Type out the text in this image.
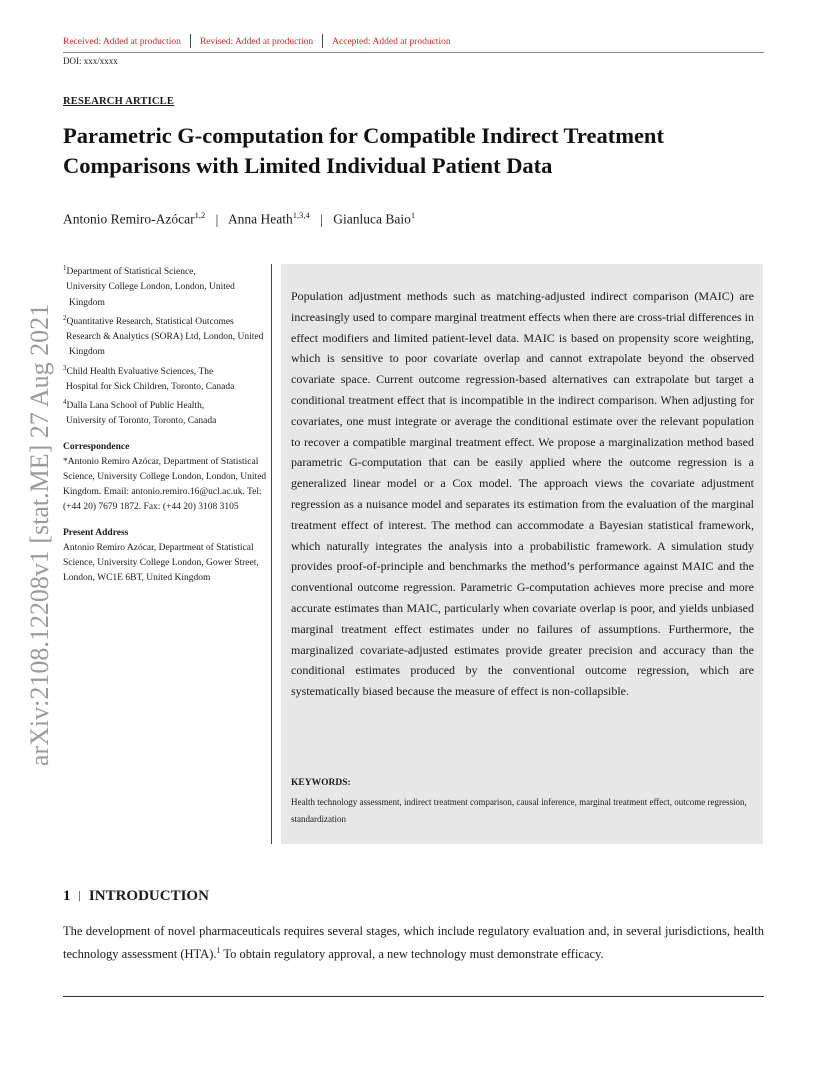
Received: Added at production Revised: Added at production Accepted: Added at production
DOI: xxx/xxxx
RESEARCH ARTICLE
Parametric G-computation for Compatible Indirect Treatment Comparisons with Limited Individual Patient Data
Antonio Remiro-Azócar$^{1,2}$ | Anna Heath$^{1,3,4}$ | Gianluca Baio$^1$
arXiv:2108.12208v1 [stat.ME] 27 Aug 2021
$^1$Department of Statistical Science,
University College London, London, United Kingdom
$^2$Quantitative Research, Statistical Outcomes
Research & Analytics (SORA) Ltd, London, United Kingdom
$^3$Child Health Evaluative Sciences, The
Hospital for Sick Children, Toronto, Canada
$^4$Dalla Lana School of Public Health,
University of Toronto, Toronto, Canada
Correspondence
*Antonio Remiro Azócar, Department of Statistical Science, University College London, London, United Kingdom. Email: antonio.remiro.16@ucl.ac.uk. Tel: (+44 20) 7679 1872. Fax: (+44 20) 3108 3105
Present Address
Antonio Remiro Azócar, Department of Statistical Science, University College London, Gower Street, London, WC1E 6BT, United Kingdom
Population adjustment methods such as matching-adjusted indirect comparison (MAIC) are increasingly used to compare marginal treatment effects when there are cross-trial differences in effect modifiers and limited patient-level data. MAIC is based on propensity score weighting, which is sensitive to poor covariate overlap and cannot extrapolate beyond the observed covariate space. Current outcome regression-based alternatives can extrapolate but target a conditional treatment effect that is incompatible in the indirect comparison. When adjusting for covariates, one must integrate or average the conditional estimate over the relevant population to recover a compatible marginal treatment effect. We propose a marginalization method based parametric G-computation that can be easily applied where the outcome regression is a generalized linear model or a Cox model. The approach views the covariate adjustment regression as a nuisance model and separates its estimation from the evaluation of the marginal treatment effect of interest. The method can accommodate a Bayesian statistical framework, which naturally integrates the analysis into a probabilistic framework. A simulation study provides proof-of-principle and benchmarks the method’s performance against MAIC and the conventional outcome regression. Parametric G-computation achieves more precise and more accurate estimates than MAIC, particularly when covariate overlap is poor, and yields unbiased marginal treatment effect estimates under no failures of assumptions. Furthermore, the marginalized covariate-adjusted estimates provide greater precision and accuracy than the conditional estimates produced by the conventional outcome regression, which are systematically biased because the measure of effect is non-collapsible.
KEYWORDS:
Health technology assessment, indirect treatment comparison, causal inference, marginal treatment effect, outcome regression, standardization
1 | INTRODUCTION
The development of novel pharmaceuticals requires several stages, which include regulatory evaluation and, in several jurisdictions, health technology assessment (HTA).$^1$ To obtain regulatory approval, a new technology must demonstrate efficacy.
